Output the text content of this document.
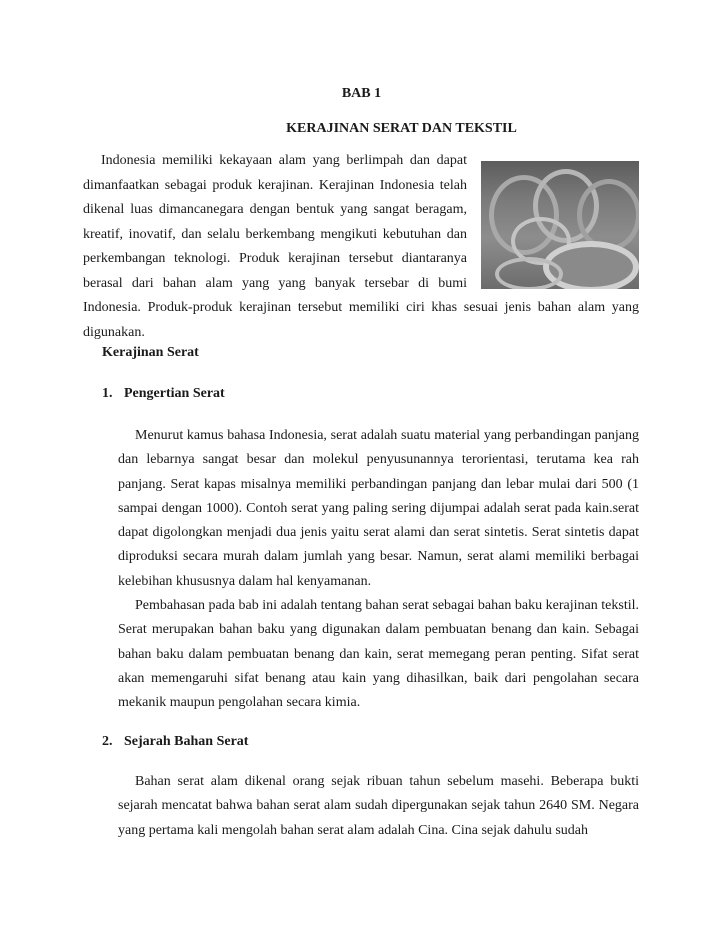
BAB 1
KERAJINAN SERAT DAN TEKSTIL

Indonesia memiliki kekayaan alam yang berlimpah dan dapat dimanfaatkan sebagai produk kerajinan. Kerajinan Indonesia telah dikenal luas dimancanegara dengan bentuk yang sangat beragam, kreatif, inovatif, dan selalu berkembang mengikuti kebutuhan dan perkembangan teknologi. Produk kerajinan tersebut diantaranya berasal dari bahan alam yang yang banyak tersebar di bumi Indonesia. Produk-produk kerajinan tersebut memiliki ciri khas sesuai jenis bahan alam yang digunakan.

Kerajinan Serat
1. Pengertian Serat

Menurut kamus bahasa Indonesia, serat adalah suatu material yang perbandingan panjang dan lebarnya sangat besar dan molekul penyusunannya terorientasi, terutama kea rah panjang. Serat kapas misalnya memiliki perbandingan panjang dan lebar mulai dari 500 (1 sampai dengan 1000). Contoh serat yang paling sering dijumpai adalah serat pada kain.serat dapat digolongkan menjadi dua jenis yaitu serat alami dan serat sintetis. Serat sintetis dapat diproduksi secara murah dalam jumlah yang besar. Namun, serat alami memiliki berbagai kelebihan khususnya dalam hal kenyamanan.

Pembahasan pada bab ini adalah tentang bahan serat sebagai bahan baku kerajinan tekstil. Serat merupakan bahan baku yang digunakan dalam pembuatan benang dan kain. Sebagai bahan baku dalam pembuatan benang dan kain, serat memegang peran penting. Sifat serat akan memengaruhi sifat benang atau kain yang dihasilkan, baik dari pengolahan secara mekanik maupun pengolahan secara kimia.

2. Sejarah Bahan Serat

Bahan serat alam dikenal orang sejak ribuan tahun sebelum masehi. Beberapa bukti sejarah mencatat bahwa bahan serat alam sudah dipergunakan sejak tahun 2640 SM. Negara yang pertama kali mengolah bahan serat alam adalah Cina. Cina sejak dahulu sudah
